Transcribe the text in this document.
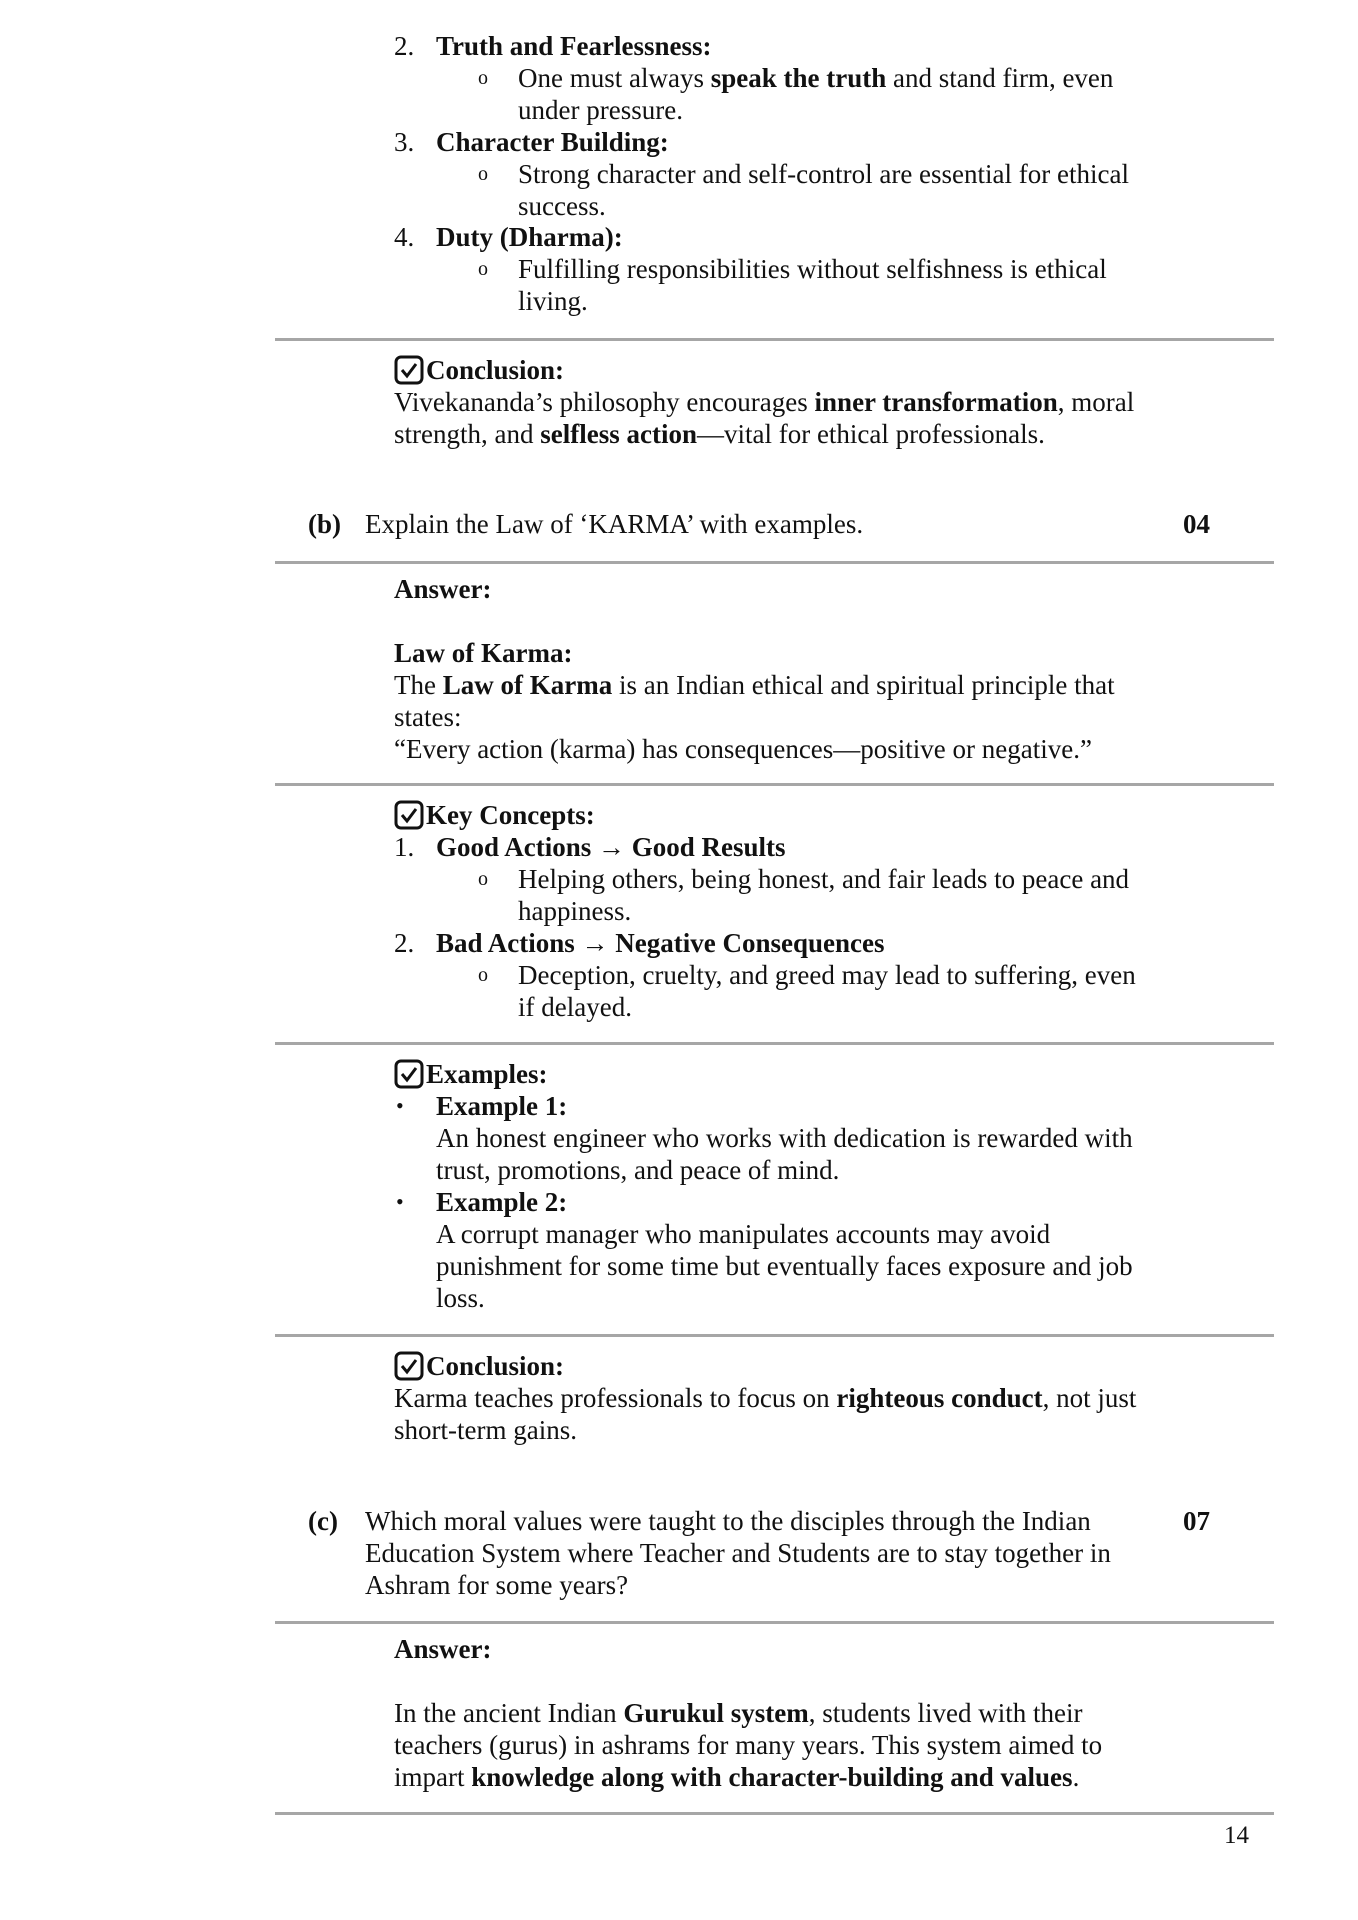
2. Truth and Fearlessness:
o One must always speak the truth and stand firm, even
under pressure.
3. Character Building:
o Strong character and self-control are essential for ethical
success.
4. Duty (Dharma):
o Fulfilling responsibilities without selfishness is ethical
living.
Conclusion:
Vivekananda’s philosophy encourages inner transformation, moral
strength, and selfless action—vital for ethical professionals.
(b) Explain the Law of ‘KARMA’ with examples.	04
Answer:
Law of Karma:
The Law of Karma is an Indian ethical and spiritual principle that
states:
“Every action (karma) has consequences—positive or negative.”
Key Concepts:
1. Good Actions → Good Results
o Helping others, being honest, and fair leads to peace and
happiness.
2. Bad Actions → Negative Consequences
o Deception, cruelty, and greed may lead to suffering, even
if delayed.
Examples:
• Example 1:
An honest engineer who works with dedication is rewarded with
trust, promotions, and peace of mind.
• Example 2:
A corrupt manager who manipulates accounts may avoid
punishment for some time but eventually faces exposure and job
loss.
Conclusion:
Karma teaches professionals to focus on righteous conduct, not just
short-term gains.
(c) Which moral values were taught to the disciples through the Indian
Education System where Teacher and Students are to stay together in
Ashram for some years?
07
Answer:
In the ancient Indian Gurukul system, students lived with their
teachers (gurus) in ashrams for many years. This system aimed to
impart knowledge along with character-building and values.
14
